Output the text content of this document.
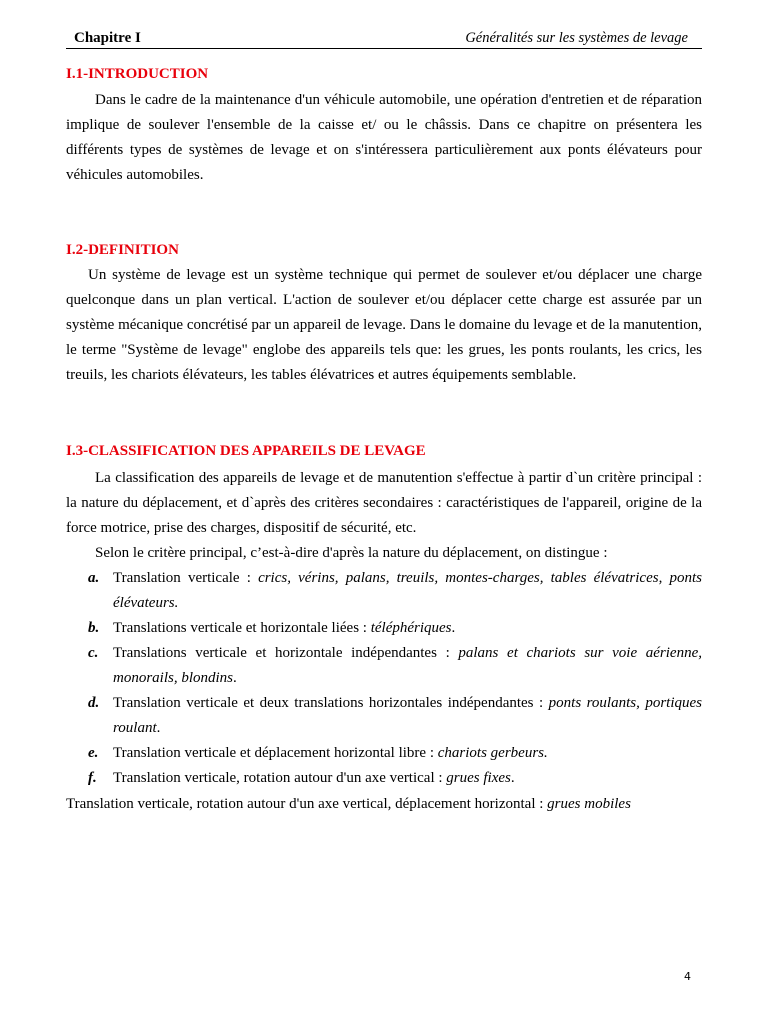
Chapitre I	Généralités sur les systèmes de levage
I.1-INTRODUCTION
Dans le cadre de la maintenance d'un véhicule automobile, une opération d'entretien et de réparation implique de soulever l'ensemble de la caisse et/ ou le châssis. Dans ce chapitre on présentera les différents types de systèmes de levage et on s'intéressera particulièrement aux ponts élévateurs pour véhicules automobiles.
I.2-DEFINITION
Un système de levage est un système technique qui permet de soulever et/ou déplacer une charge quelconque dans un plan vertical. L'action de soulever et/ou déplacer cette charge est assurée par un système mécanique concrétisé par un appareil de levage. Dans le domaine du levage et de la manutention, le terme "Système de levage" englobe des appareils tels que: les grues, les ponts roulants, les crics, les treuils, les chariots élévateurs, les tables élévatrices et autres équipements semblable.
I.3-CLASSIFICATION DES APPAREILS DE LEVAGE
La classification des appareils de levage et de manutention s'effectue à partir d`un critère principal : la nature du déplacement, et d`après des critères secondaires : caractéristiques de l'appareil, origine de la force motrice, prise des charges, dispositif de sécurité, etc.
Selon le critère principal, c’est-à-dire d'après la nature du déplacement, on distingue :
a. Translation verticale : crics, vérins, palans, treuils, montes-charges, tables élévatrices, ponts élévateurs.
b. Translations verticale et horizontale liées : téléphériques.
c. Translations verticale et horizontale indépendantes : palans et chariots sur voie aérienne, monorails, blondins.
d. Translation verticale et deux translations horizontales indépendantes : ponts roulants, portiques roulant.
e. Translation verticale et déplacement horizontal libre : chariots gerbeurs.
f. Translation verticale, rotation autour d'un axe vertical : grues fixes.
Translation verticale, rotation autour d'un axe vertical, déplacement horizontal : grues mobiles
4
